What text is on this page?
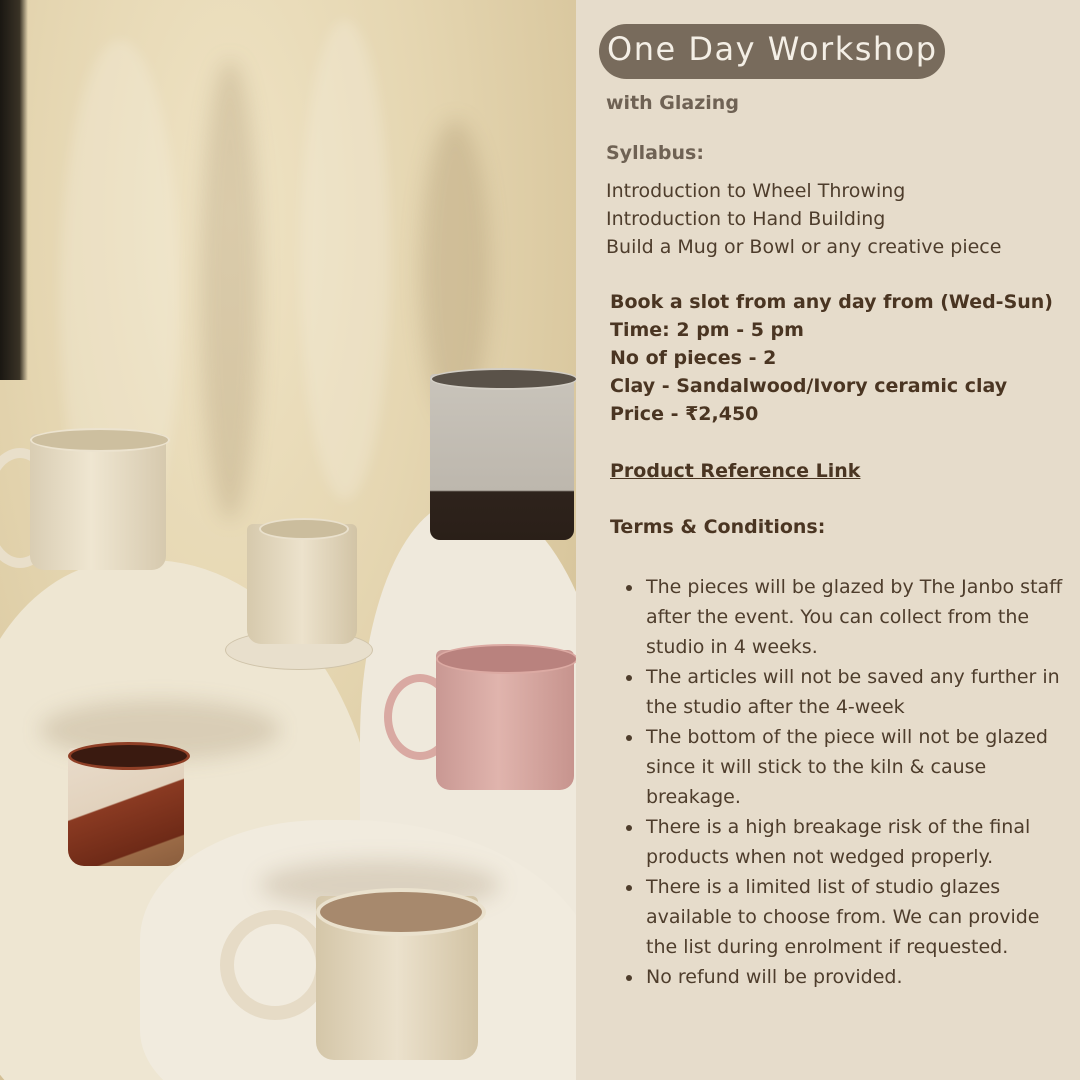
One Day Workshop
with Glazing
Syllabus:
Introduction to Wheel Throwing
Introduction to Hand Building
Build a Mug or Bowl or any creative piece
Book a slot from any day from (Wed-Sun)
Time: 2 pm - 5 pm
No of pieces - 2
Clay - Sandalwood/Ivory ceramic clay
Price - ₹2,450
Product Reference Link
Terms & Conditions:
The pieces will be glazed by The Janbo staff after the event. You can collect from the studio in 4 weeks.
The articles will not be saved any further in the studio after the 4-week
The bottom of the piece will not be glazed since it will stick to the kiln & cause breakage.
There is a high breakage risk of the final products when not wedged properly.
There is a limited list of studio glazes available to choose from. We can provide the list during enrolment if requested.
No refund will be provided.
